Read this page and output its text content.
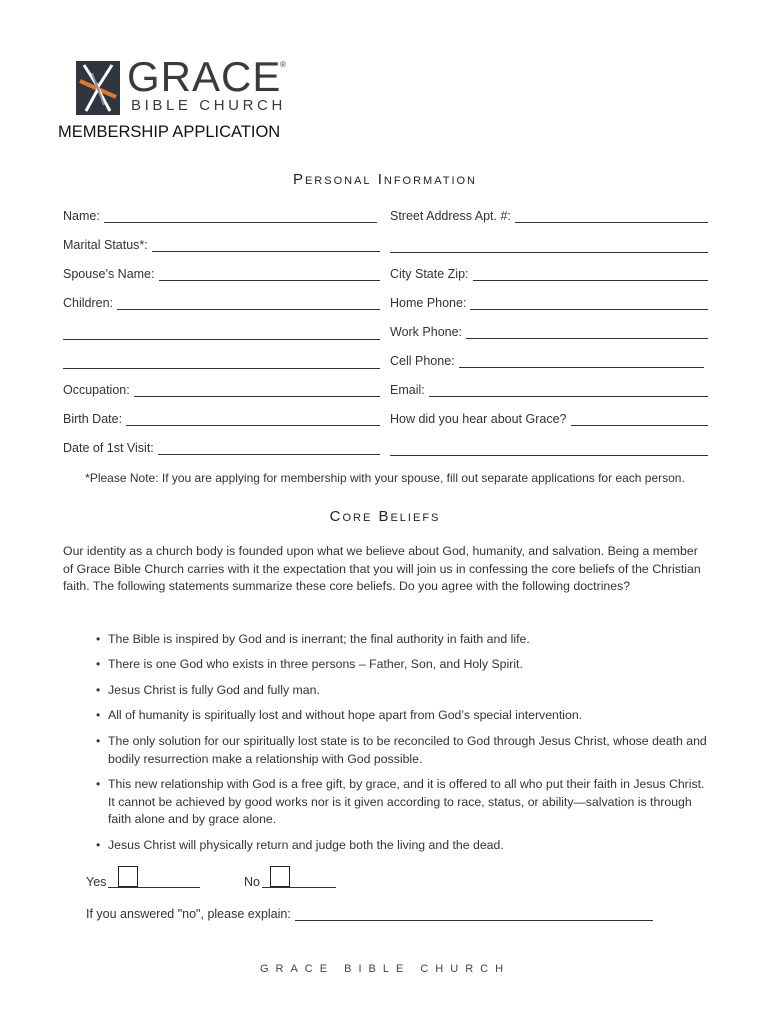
GRACE
®
BIBLE CHURCH
MEMBERSHIP APPLICATION
Personal Information
Name:
Marital Status*:
Spouse’s Name:
Children:
Occupation:
Birth Date:
Date of 1st Visit:
Street Address Apt. #:
City State Zip:
Home Phone:
Work Phone:
Cell Phone:
Email:
How did you hear about Grace?
*Please Note: If you are applying for membership with your spouse, fill out separate applications for each person.
Core Beliefs
Our identity as a church body is founded upon what we believe about God, humanity, and salvation. Being a member of Grace Bible Church carries with it the expectation that you will join us in confessing the core beliefs of the Christian faith. The following statements summarize these core beliefs. Do you agree with the following doctrines?
• The Bible is inspired by God and is inerrant; the final authority in faith and life.
• There is one God who exists in three persons – Father, Son, and Holy Spirit.
• Jesus Christ is fully God and fully man.
• All of humanity is spiritually lost and without hope apart from God’s special intervention.
• The only solution for our spiritually lost state is to be reconciled to God through Jesus Christ, whose death and bodily resurrection make a relationship with God possible.
• This new relationship with God is a free gift, by grace, and it is offered to all who put their faith in Jesus Christ. It cannot be achieved by good works nor is it given according to race, status, or ability—salvation is through faith alone and by grace alone.
• Jesus Christ will physically return and judge both the living and the dead.
Yes	No
If you answered "no", please explain:
GRACE BIBLE CHURCH
